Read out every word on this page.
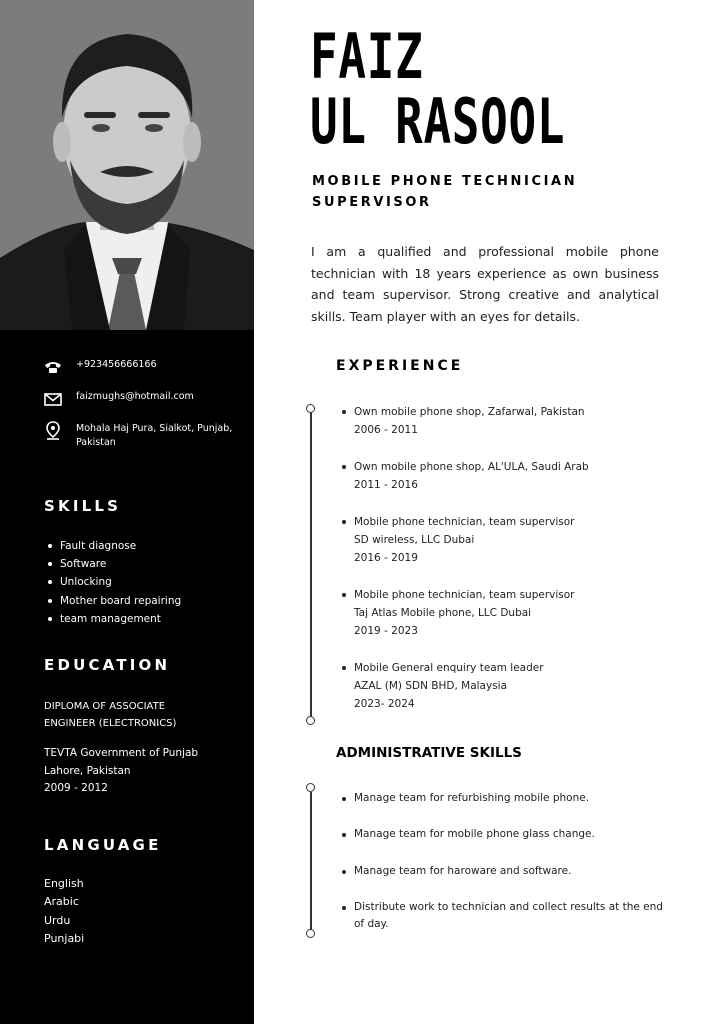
+923456666166
faizmughs@hotmail.com
Mohala Haj Pura, Sialkot, Punjab, Pakistan
SKILLS
Fault diagnose
Software
Unlocking
Mother board repairing
team management
EDUCATION
DIPLOMA OF ASSOCIATE ENGINEER (ELECTRONICS)
TEVTA Government of Punjab
Lahore, Pakistan
2009 - 2012
LANGUAGE
English
Arabic
Urdu
Punjabi
FAIZ
UL RASOOL
MOBILE PHONE TECHNICIAN
SUPERVISOR
I am a qualified and professional mobile phone technician with 18 years experience as own business and team supervisor. Strong creative and analytical skills. Team player with an eyes for details.
EXPERIENCE
Own mobile phone shop, Zafarwal, Pakistan
2006 - 2011
Own mobile phone shop, AL'ULA, Saudi Arab
2011 - 2016
Mobile phone technician, team supervisor
SD wireless, LLC Dubai
2016 - 2019
Mobile phone technician, team supervisor
Taj Atlas Mobile phone, LLC Dubai
2019 - 2023
Mobile General enquiry team leader
AZAL (M) SDN BHD, Malaysia
2023- 2024
ADMINISTRATIVE SKILLS
Manage team for refurbishing mobile phone.
Manage team for mobile phone glass change.
Manage team for haroware and software.
Distribute work to technician and collect results at the end of day.
